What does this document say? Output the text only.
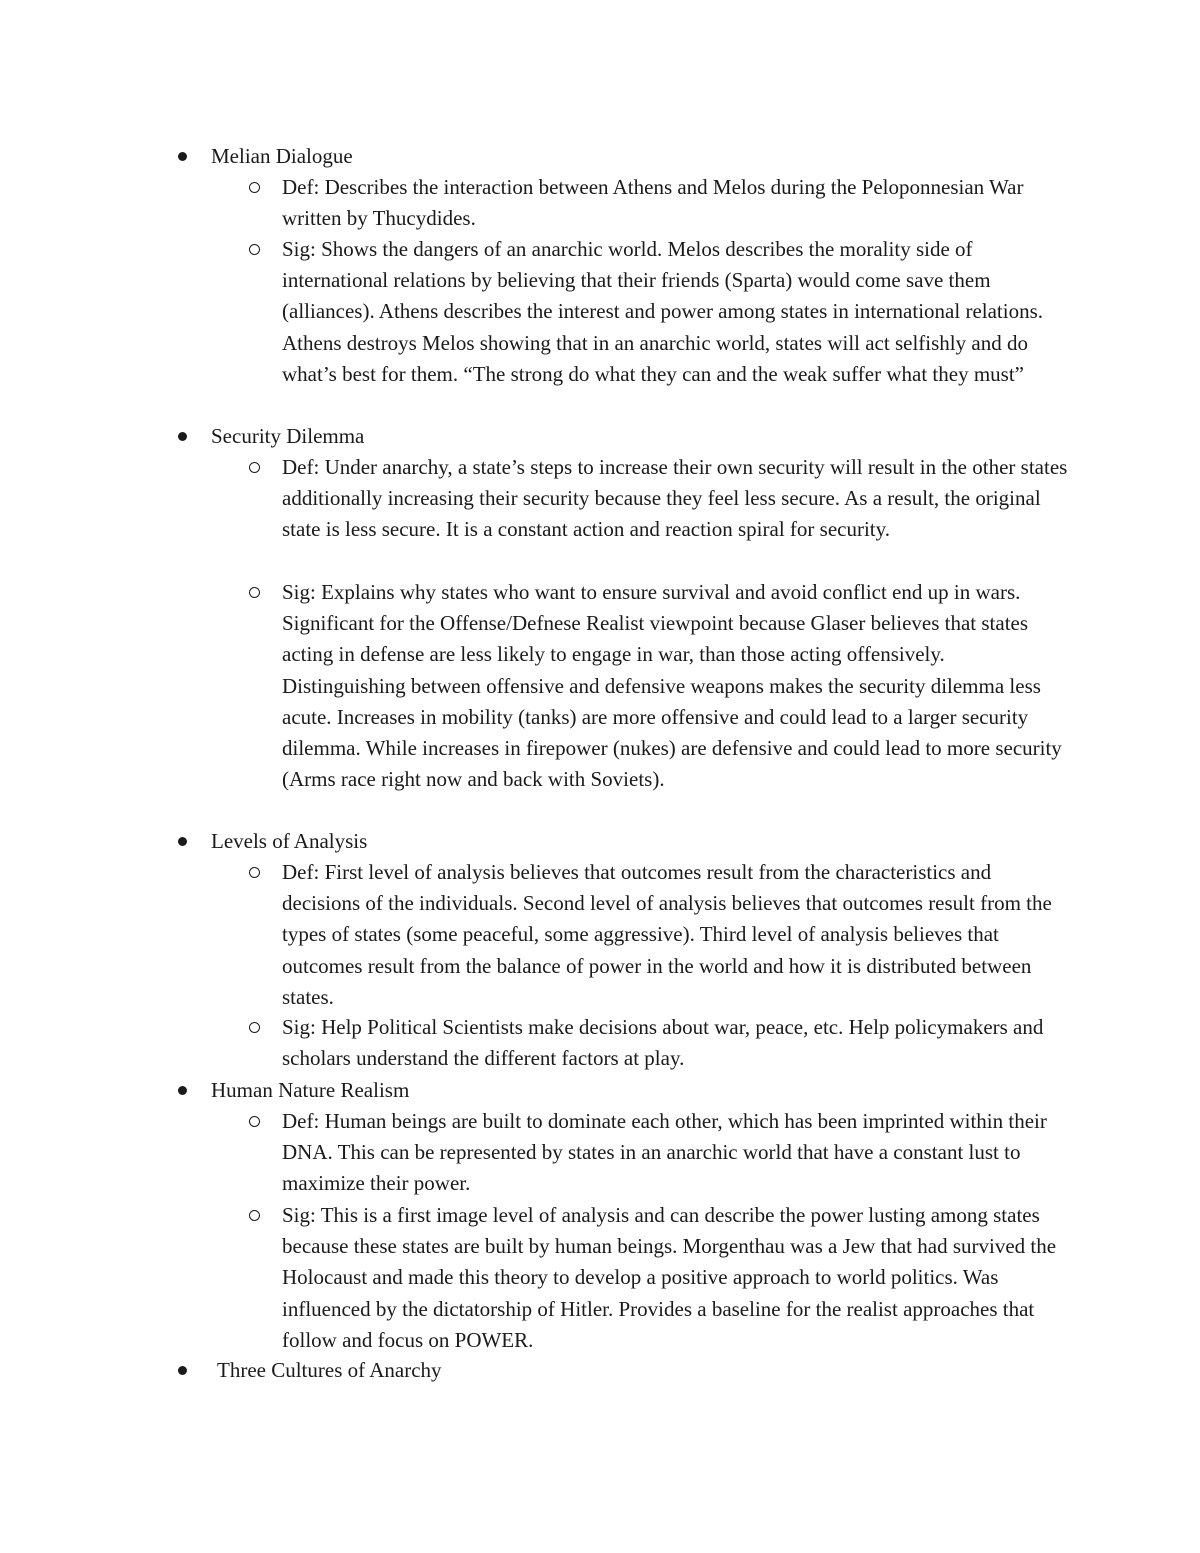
Melian Dialogue
Def: Describes the interaction between Athens and Melos during the Peloponnesian War written by Thucydides.
Sig: Shows the dangers of an anarchic world. Melos describes the morality side of international relations by believing that their friends (Sparta) would come save them (alliances). Athens describes the interest and power among states in international relations. Athens destroys Melos showing that in an anarchic world, states will act selfishly and do what’s best for them. “The strong do what they can and the weak suffer what they must”
Security Dilemma
Def: Under anarchy, a state’s steps to increase their own security will result in the other states additionally increasing their security because they feel less secure. As a result, the original state is less secure. It is a constant action and reaction spiral for security.
Sig: Explains why states who want to ensure survival and avoid conflict end up in wars. Significant for the Offense/Defnese Realist viewpoint because Glaser believes that states acting in defense are less likely to engage in war, than those acting offensively. Distinguishing between offensive and defensive weapons makes the security dilemma less acute. Increases in mobility (tanks) are more offensive and could lead to a larger security dilemma. While increases in firepower (nukes) are defensive and could lead to more security (Arms race right now and back with Soviets).
Levels of Analysis
Def: First level of analysis believes that outcomes result from the characteristics and decisions of the individuals. Second level of analysis believes that outcomes result from the types of states (some peaceful, some aggressive). Third level of analysis believes that outcomes result from the balance of power in the world and how it is distributed between states.
Sig: Help Political Scientists make decisions about war, peace, etc. Help policymakers and scholars understand the different factors at play.
Human Nature Realism
Def: Human beings are built to dominate each other, which has been imprinted within their DNA. This can be represented by states in an anarchic world that have a constant lust to maximize their power.
Sig: This is a first image level of analysis and can describe the power lusting among states because these states are built by human beings. Morgenthau was a Jew that had survived the Holocaust and made this theory to develop a positive approach to world politics. Was influenced by the dictatorship of Hitler. Provides a baseline for the realist approaches that follow and focus on POWER.
Three Cultures of Anarchy
